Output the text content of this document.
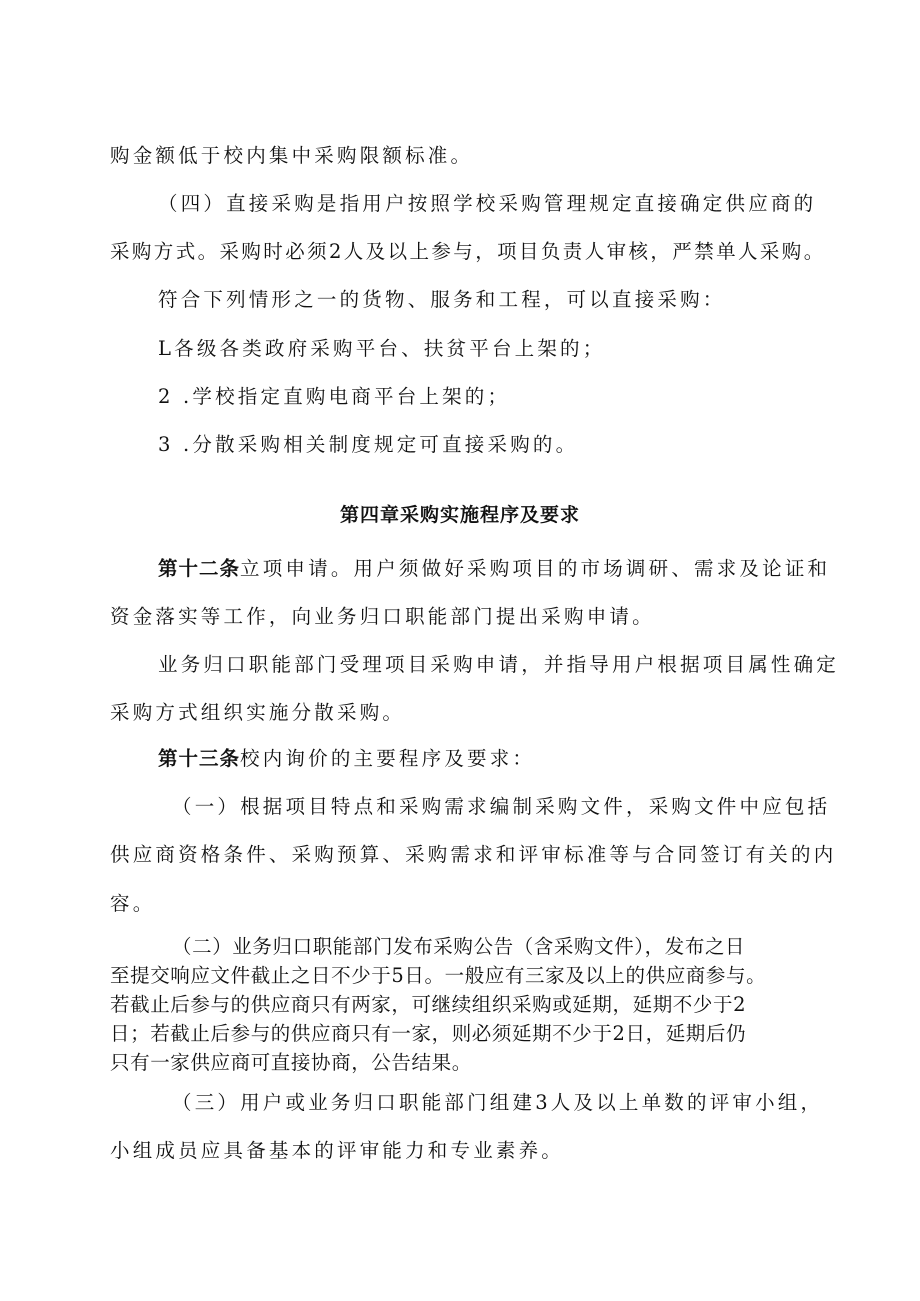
购金额低于校内集中采购限额标准。
（四）直接采购是指用户按照学校采购管理规定直接确定供应商的
采购方式。采购时必须2人及以上参与，项目负责人审核，严禁单人采购。
符合下列情形之一的货物、服务和工程，可以直接采购：
L各级各类政府采购平台、扶贫平台上架的；
2 .学校指定直购电商平台上架的；
3 .分散采购相关制度规定可直接采购的。
第四章采购实施程序及要求
第十二条立项申请。用户须做好采购项目的市场调研、需求及论证和
资金落实等工作，向业务归口职能部门提出采购申请。
业务归口职能部门受理项目采购申请，并指导用户根据项目属性确定
采购方式组织实施分散采购。
第十三条校内询价的主要程序及要求：
（一）根据项目特点和采购需求编制采购文件，采购文件中应包括
供应商资格条件、采购预算、采购需求和评审标准等与合同签订有关的内
容。
（二）业务归口职能部门发布采购公告（含采购文件），发布之日
至提交响应文件截止之日不少于5日。一般应有三家及以上的供应商参与。
若截止后参与的供应商只有两家，可继续组织采购或延期，延期不少于2
日；若截止后参与的供应商只有一家，则必须延期不少于2日，延期后仍
只有一家供应商可直接协商，公告结果。
（三）用户或业务归口职能部门组建3人及以上单数的评审小组，
小组成员应具备基本的评审能力和专业素养。
